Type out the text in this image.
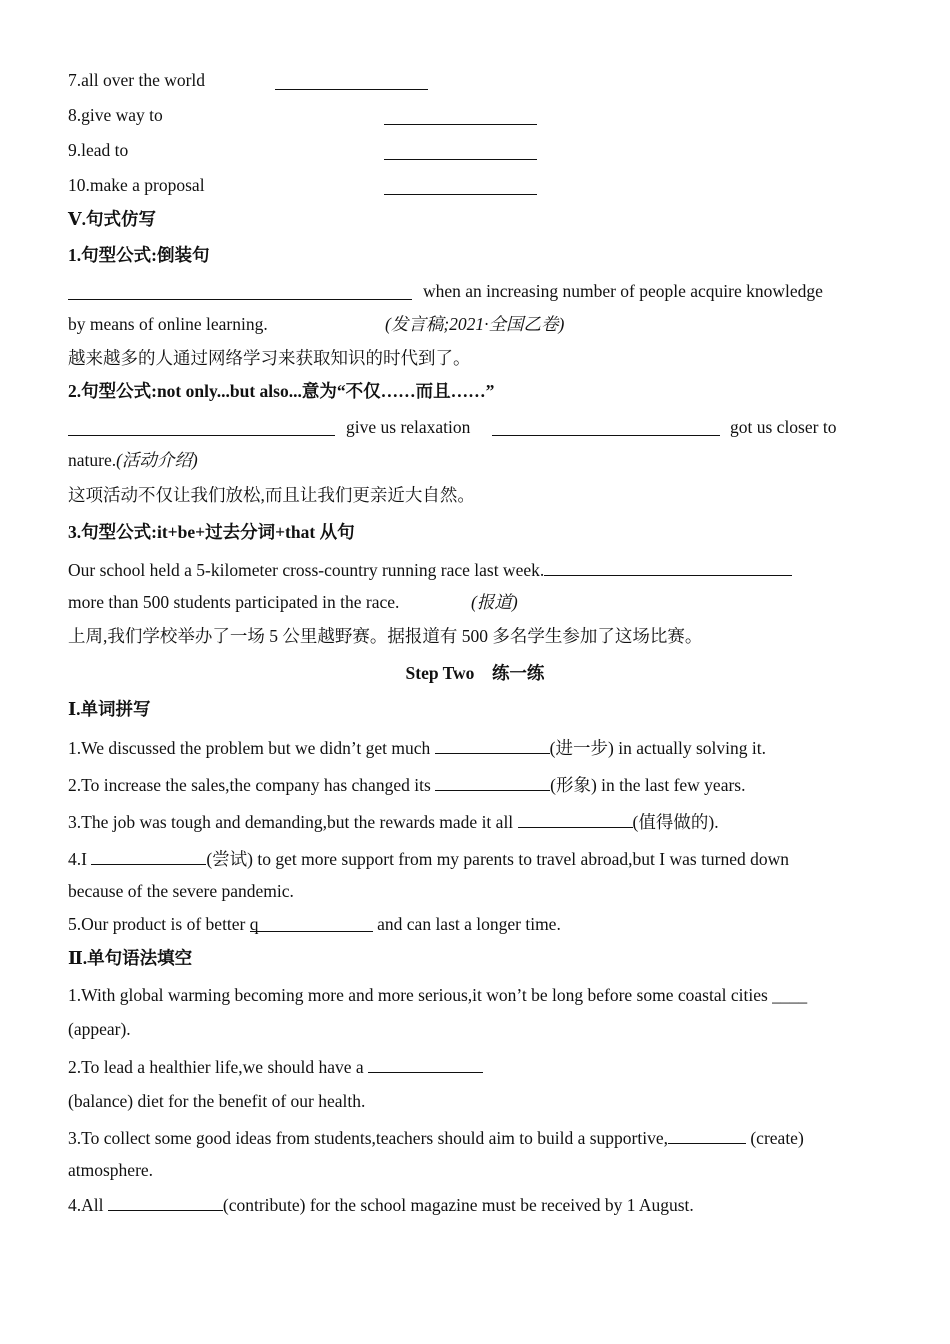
7.all over the world
8.give way to
9.lead to
10.make a proposal
Ⅴ.句式仿写
1.句型公式:倒装句
when an increasing number of people acquire knowledge
by means of online learning.	(发言稿;2021·全国乙卷)
越来越多的人通过网络学习来获取知识的时代到了。
2.句型公式:not only...but also...意为“不仅……而且……”
give us relaxation	got us closer to
nature.(活动介绍)
这项活动不仅让我们放松,而且让我们更亲近大自然。
3.句型公式:it+be+过去分词+that 从句
Our school held a 5-kilometer cross-country running race last week.
more than 500 students participated in the race.	(报道)
上周,我们学校举办了一场 5 公里越野赛。据报道有 500 多名学生参加了这场比赛。
Step Two 练一练
Ⅰ.单词拼写
1.We discussed the problem but we didn’t get much	(进一步) in actually solving it.
2.To increase the sales,the company has changed its	(形象) in the last few years.
3.The job was tough and demanding,but the rewards made it all	(值得做的).
4.I	(尝试) to get more support from my parents to travel abroad,but I was turned down
because of the severe pandemic.
5.Our product is of better q	and can last a longer time.
Ⅱ.单句语法填空
1.With global warming becoming more and more serious,it won’t be long before some coastal cities ____
(appear).
2.To lead a healthier life,we should have a
(balance) diet for the benefit of our health.
3.To collect some good ideas from students,teachers should aim to build a supportive,	(create)
atmosphere.
4.All	(contribute) for the school magazine must be received by 1 August.
